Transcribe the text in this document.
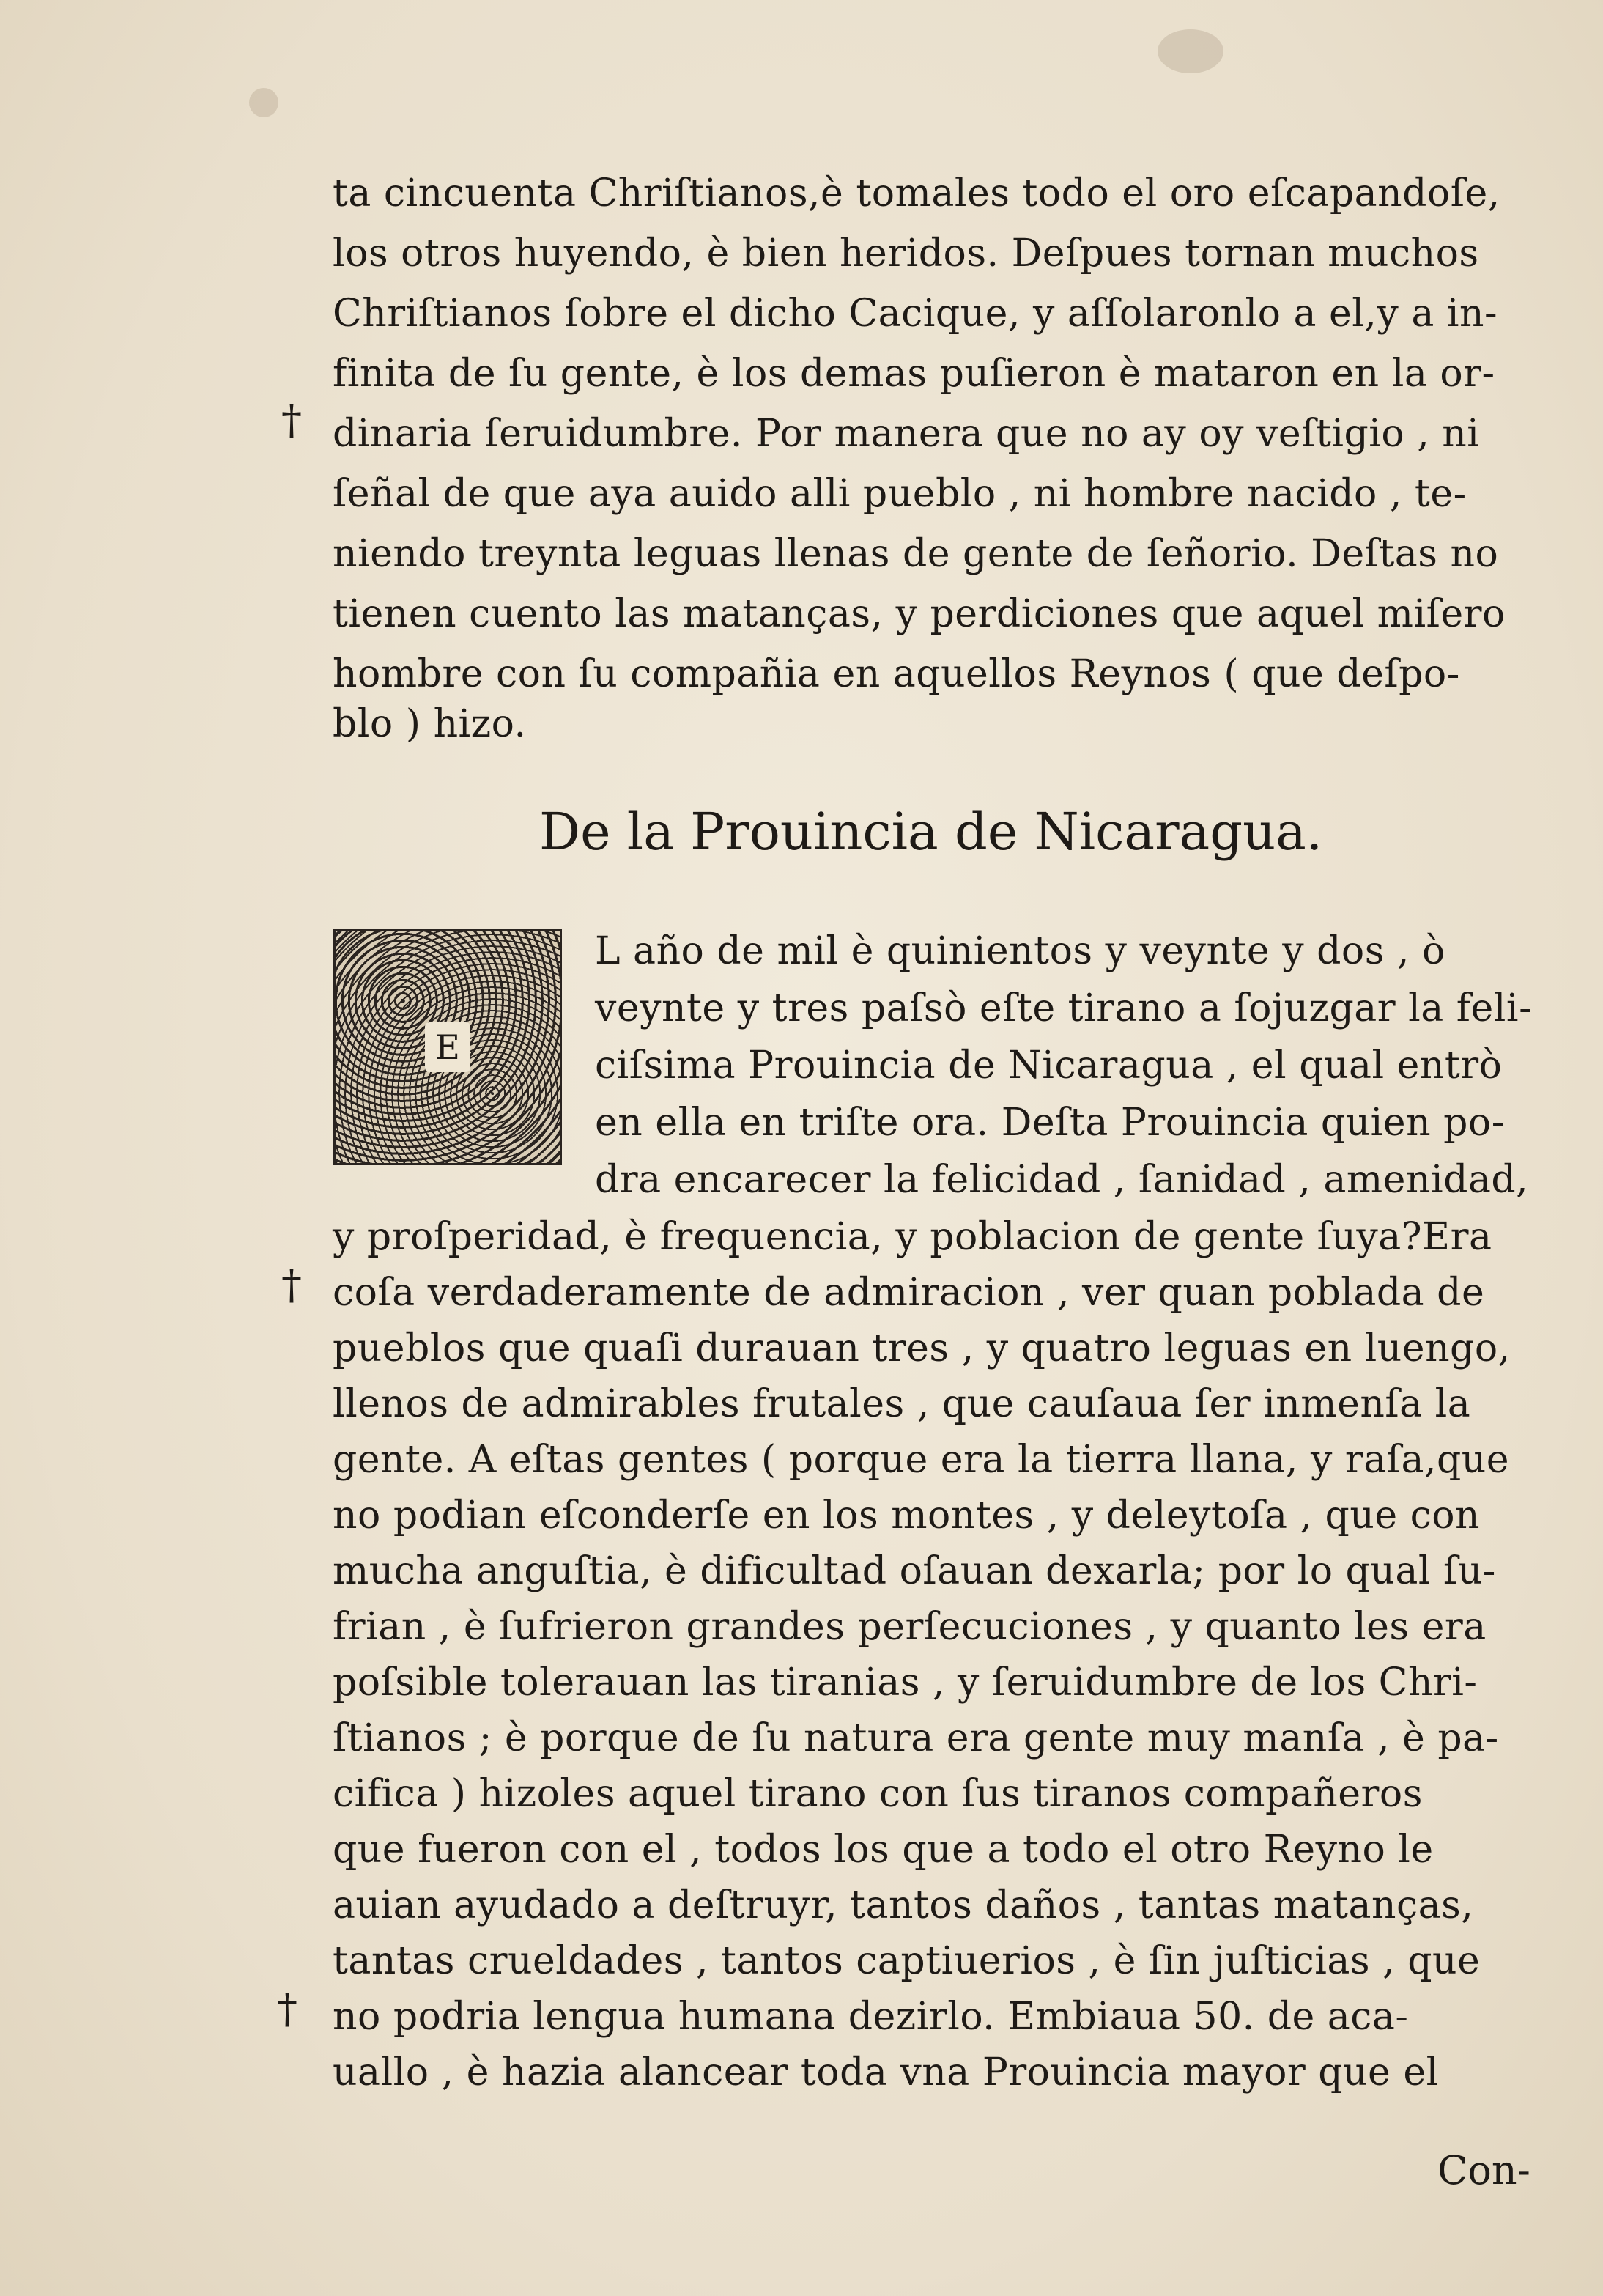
ta cincuenta Chriſtianos,è tomales todo el oro eſcapandoſe,
los otros huyendo, è bien heridos. Deſpues tornan muchos
Chriſtianos ſobre el dicho Cacique, y aſſolaronlo a el,y a in-
finita de ſu gente, è los demas puſieron è mataron en la or-
dinaria ſeruidumbre. Por manera que no ay oy veſtigio , ni
ſeñal de que aya auido alli pueblo , ni hombre nacido , te-
niendo treynta leguas llenas de gente de ſeñorio. Deſtas no
tienen cuento las matanças, y perdiciones que aquel miſero
hombre con ſu compañia en aquellos Reynos ( que deſpo-
blo ) hizo.
De la Prouincia de Nicaragua.
E
L año de mil è quinientos y veynte y dos , ò
veynte y tres paſsò eſte tirano a ſojuzgar la feli-
ciſsima Prouincia de Nicaragua , el qual entrò
en ella en triſte ora. Deſta Prouincia quien po-
dra encarecer la felicidad , ſanidad , amenidad,
y proſperidad, è frequencia, y poblacion de gente ſuya?Era
coſa verdaderamente de admiracion , ver quan poblada de
pueblos que quaſi durauan tres , y quatro leguas en luengo,
llenos de admirables frutales , que cauſaua ſer inmenſa la
gente. A eſtas gentes ( porque era la tierra llana, y raſa,que
no podian eſconderſe en los montes , y deleytoſa , que con
mucha anguſtia, è dificultad oſauan dexarla; por lo qual ſu-
frian , è ſufrieron grandes perſecuciones , y quanto les era
poſsible tolerauan las tiranias , y ſeruidumbre de los Chri-
ſtianos ; è porque de ſu natura era gente muy manſa , è pa-
cifica ) hizoles aquel tirano con ſus tiranos compañeros
que fueron con el , todos los que a todo el otro Reyno le
auian ayudado a deſtruyr, tantos daños , tantas matanças,
tantas crueldades , tantos captiuerios , è ſin juſticias , que
no podria lengua humana dezirlo. Embiaua 50. de aca-
uallo , è hazia alancear toda vna Prouincia mayor que el
Con-
†
†
†
